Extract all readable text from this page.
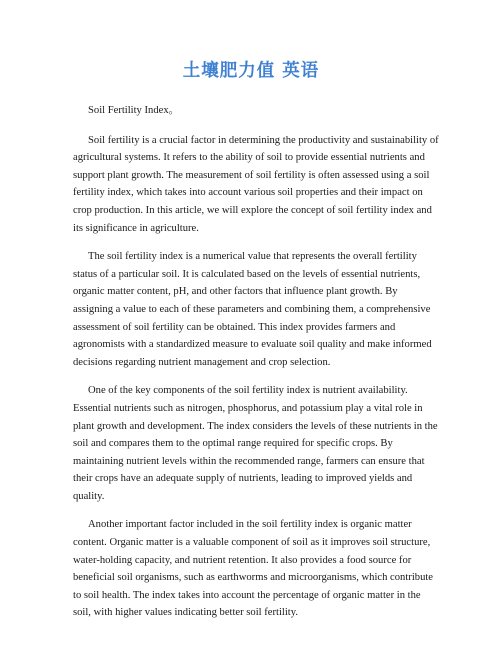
土壤肥力值 英语

Soil Fertility Index。

Soil fertility is a crucial factor in determining the productivity and sustainability of agricultural systems. It refers to the ability of soil to provide essential nutrients and support plant growth. The measurement of soil fertility is often assessed using a soil fertility index, which takes into account various soil properties and their impact on crop production. In this article, we will explore the concept of soil fertility index and its significance in agriculture.

The soil fertility index is a numerical value that represents the overall fertility status of a particular soil. It is calculated based on the levels of essential nutrients, organic matter content, pH, and other factors that influence plant growth. By assigning a value to each of these parameters and combining them, a comprehensive assessment of soil fertility can be obtained. This index provides farmers and agronomists with a standardized measure to evaluate soil quality and make informed decisions regarding nutrient management and crop selection.

One of the key components of the soil fertility index is nutrient availability. Essential nutrients such as nitrogen, phosphorus, and potassium play a vital role in plant growth and development. The index considers the levels of these nutrients in the soil and compares them to the optimal range required for specific crops. By maintaining nutrient levels within the recommended range, farmers can ensure that their crops have an adequate supply of nutrients, leading to improved yields and quality.

Another important factor included in the soil fertility index is organic matter content. Organic matter is a valuable component of soil as it improves soil structure, water-holding capacity, and nutrient retention. It also provides a food source for beneficial soil organisms, such as earthworms and microorganisms, which contribute to soil health. The index takes into account the percentage of organic matter in the soil, with higher values indicating better soil fertility.
